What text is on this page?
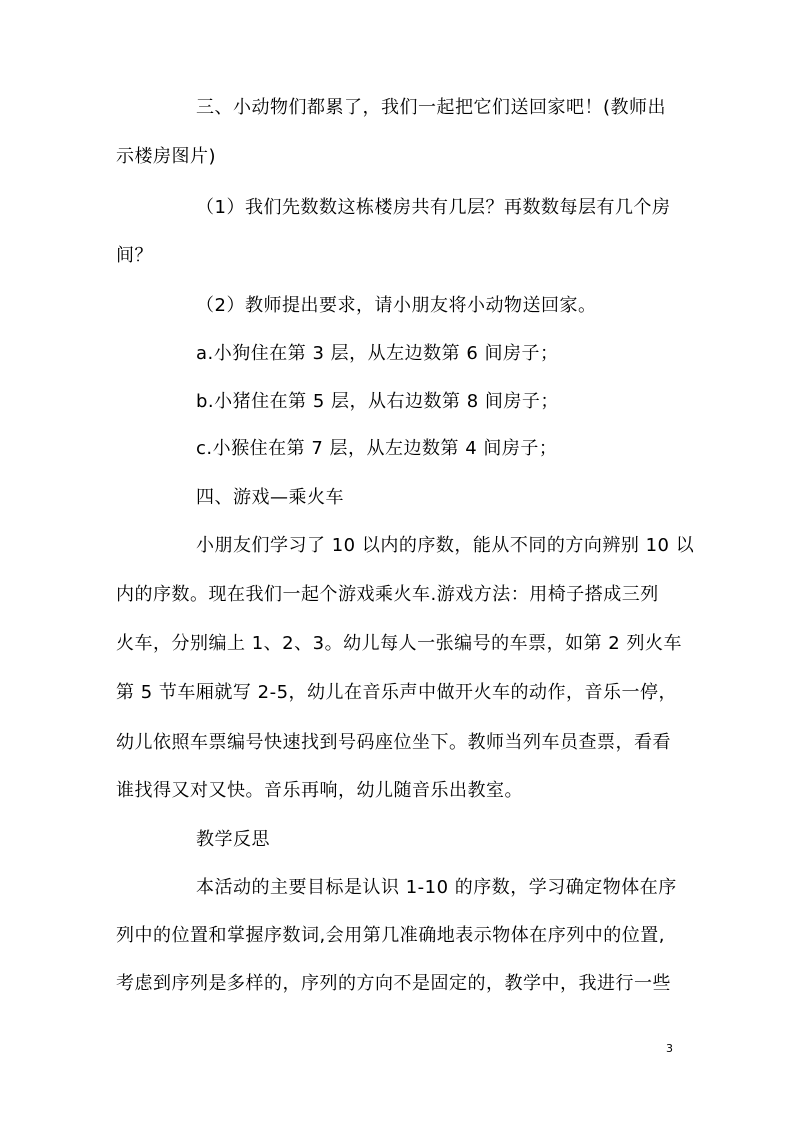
三、小动物们都累了，我们一起把它们送回家吧！(教师出
示楼房图片)
（1）我们先数数这栋楼房共有几层？再数数每层有几个房
间？
（2）教师提出要求，请小朋友将小动物送回家。
a.小狗住在第 3 层，从左边数第 6 间房子；
b.小猪住在第 5 层，从右边数第 8 间房子；
c.小猴住在第 7 层，从左边数第 4 间房子；
四、游戏—乘火车
小朋友们学习了 10 以内的序数，能从不同的方向辨别 10 以
内的序数。现在我们一起个游戏乘火车.游戏方法：用椅子搭成三列
火车，分别编上 1、2、3。幼儿每人一张编号的车票，如第 2 列火车
第 5 节车厢就写 2-5，幼儿在音乐声中做开火车的动作，音乐一停，
幼儿依照车票编号快速找到号码座位坐下。教师当列车员查票，看看
谁找得又对又快。音乐再响，幼儿随音乐出教室。
教学反思
本活动的主要目标是认识 1-10 的序数，学习确定物体在序
列中的位置和掌握序数词,会用第几准确地表示物体在序列中的位置,
考虑到序列是多样的，序列的方向不是固定的，教学中，我进行一些
3
